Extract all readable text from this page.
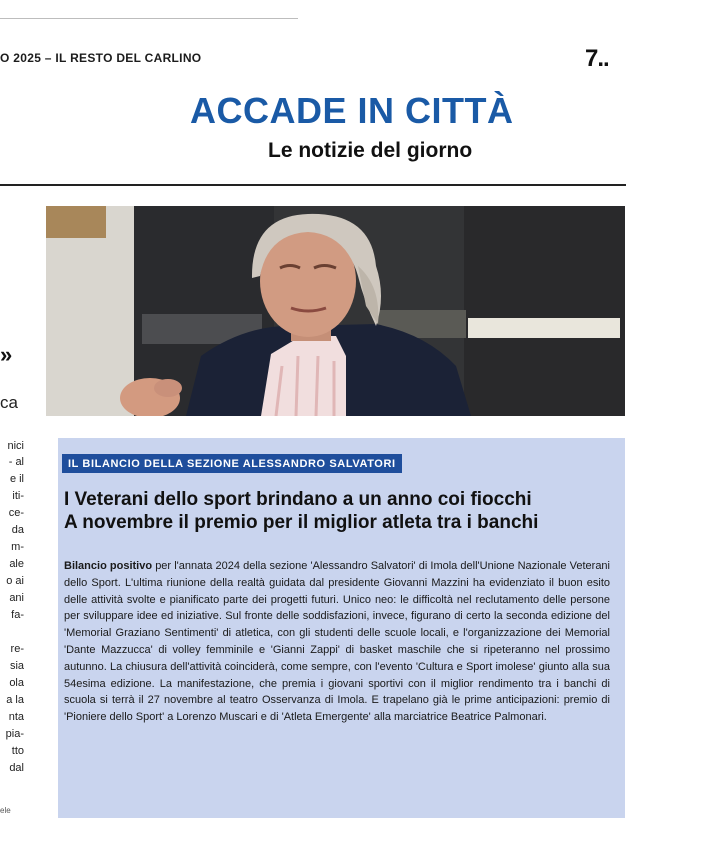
O 2025 – IL RESTO DEL CARLINO	7..
ACCADE IN CITTÀ
Le notizie del giorno
»
ca
nici
- al
e il
iti-
ce-
da
m-
ale
o ai
ani
fa-
re-
sia
ola
a la
nta
pia-
tto
dal
ele
IL BILANCIO DELLA SEZIONE ALESSANDRO SALVATORI
I Veterani dello sport brindano a un anno coi fiocchi
A novembre il premio per il miglior atleta tra i banchi
Bilancio positivo per l'annata 2024 della sezione 'Alessandro Salvatori' di Imola dell'Unione Nazionale Veterani dello Sport. L'ultima riunione della realtà guidata dal presidente Giovanni Mazzini ha evidenziato il buon esito delle attività svolte e pianificato parte dei progetti futuri. Unico neo: le difficoltà nel reclutamento delle persone per sviluppare idee ed iniziative. Sul fronte delle soddisfazioni, invece, figurano di certo la seconda edizione del 'Memorial Graziano Sentimenti' di atletica, con gli studenti delle scuole locali, e l'organizzazione dei Memorial 'Dante Mazzucca' di volley femminile e 'Gianni Zappi' di basket maschile che si ripeteranno nel prossimo autunno. La chiusura dell'attività coinciderà, come sempre, con l'evento 'Cultura e Sport imolese' giunto alla sua 54esima edizione. La manifestazione, che premia i giovani sportivi con il miglior rendimento tra i banchi di scuola si terrà il 27 novembre al teatro Osservanza di Imola. E trapelano già le prime anticipazioni: premio di 'Pioniere dello Sport' a Lorenzo Muscari e di 'Atleta Emergente' alla marciatrice Beatrice Palmonari.
